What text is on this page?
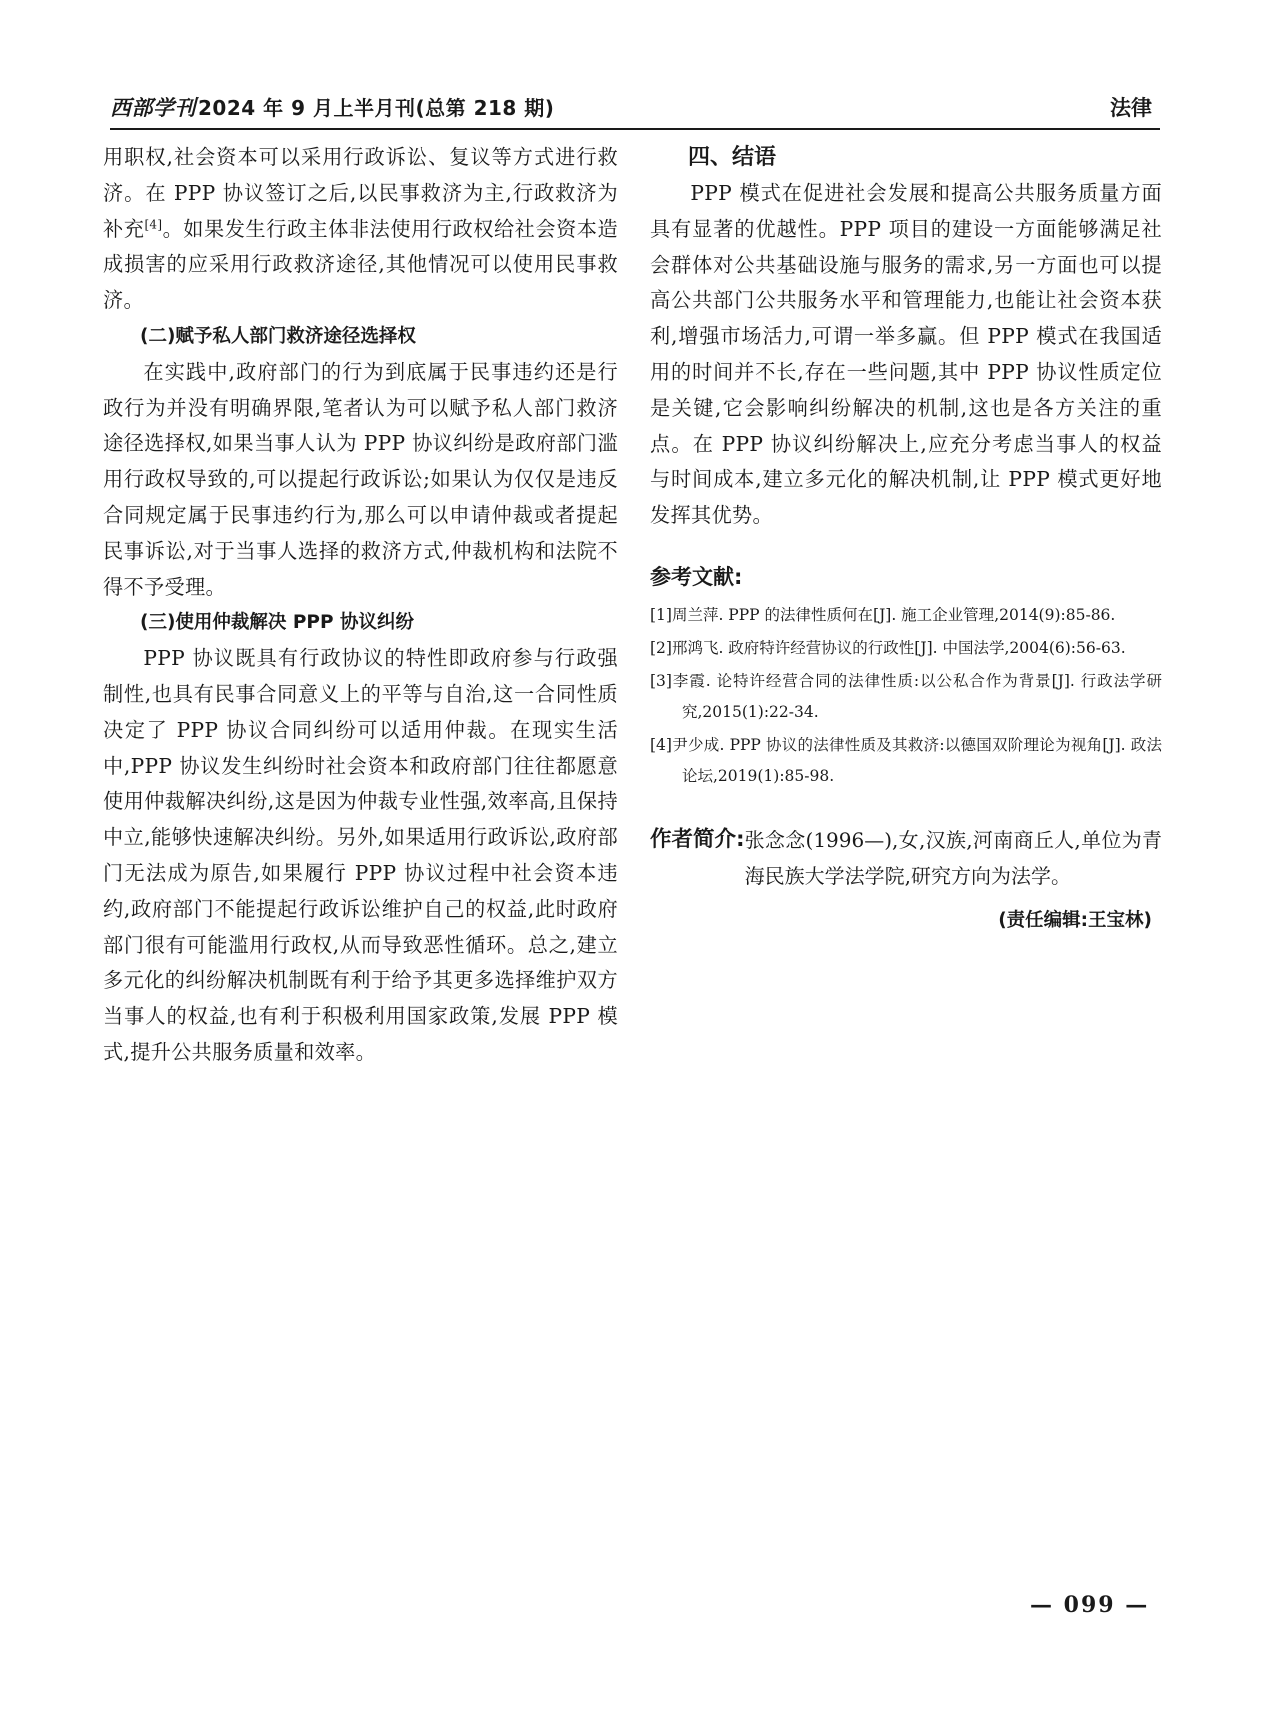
西部学刊 2024 年 9 月上半月刊(总第 218 期)	法律

用职权,社会资本可以采用行政诉讼、复议等方式进行救济。在 PPP 协议签订之后,以民事救济为主,行政救济为补充[4]。如果发生行政主体非法使用行政权给社会资本造成损害的应采用行政救济途径,其他情况可以使用民事救济。

(二)赋予私人部门救济途径选择权

在实践中,政府部门的行为到底属于民事违约还是行政行为并没有明确界限,笔者认为可以赋予私人部门救济途径选择权,如果当事人认为 PPP 协议纠纷是政府部门滥用行政权导致的,可以提起行政诉讼;如果认为仅仅是违反合同规定属于民事违约行为,那么可以申请仲裁或者提起民事诉讼,对于当事人选择的救济方式,仲裁机构和法院不得不予受理。

(三)使用仲裁解决 PPP 协议纠纷

PPP 协议既具有行政协议的特性即政府参与行政强制性,也具有民事合同意义上的平等与自治,这一合同性质决定了 PPP 协议合同纠纷可以适用仲裁。在现实生活中,PPP 协议发生纠纷时社会资本和政府部门往往都愿意使用仲裁解决纠纷,这是因为仲裁专业性强,效率高,且保持中立,能够快速解决纠纷。另外,如果适用行政诉讼,政府部门无法成为原告,如果履行 PPP 协议过程中社会资本违约,政府部门不能提起行政诉讼维护自己的权益,此时政府部门很有可能滥用行政权,从而导致恶性循环。总之,建立多元化的纠纷解决机制既有利于给予其更多选择维护双方当事人的权益,也有利于积极利用国家政策,发展 PPP 模式,提升公共服务质量和效率。

四、结语

PPP 模式在促进社会发展和提高公共服务质量方面具有显著的优越性。PPP 项目的建设一方面能够满足社会群体对公共基础设施与服务的需求,另一方面也可以提高公共部门公共服务水平和管理能力,也能让社会资本获利,增强市场活力,可谓一举多赢。但 PPP 模式在我国适用的时间并不长,存在一些问题,其中 PPP 协议性质定位是关键,它会影响纠纷解决的机制,这也是各方关注的重点。在 PPP 协议纠纷解决上,应充分考虑当事人的权益与时间成本,建立多元化的解决机制,让 PPP 模式更好地发挥其优势。

参考文献:
[1]周兰萍. PPP 的法律性质何在[J]. 施工企业管理,2014(9):85-86.
[2]邢鸿飞. 政府特许经营协议的行政性[J]. 中国法学,2004(6):56-63.
[3]李霞. 论特许经营合同的法律性质:以公私合作为背景[J]. 行政法学研究,2015(1):22-34.
[4]尹少成. PPP 协议的法律性质及其救济:以德国双阶理论为视角[J]. 政法论坛,2019(1):85-98.
作者简介: 张念念(1996—),女,汉族,河南商丘人,单位为青海民族大学法学院,研究方向为法学。
(责任编辑:王宝林)
— 099 —
